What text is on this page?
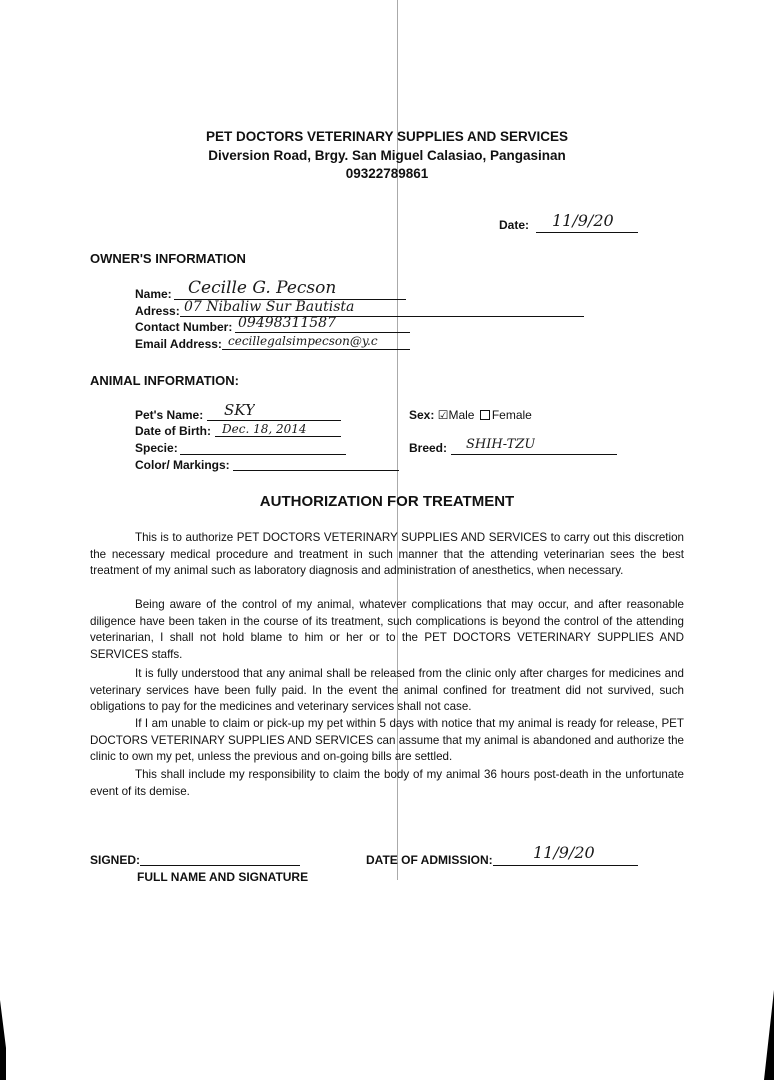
PET DOCTORS VETERINARY SUPPLIES AND SERVICES
Diversion Road, Brgy. San Miguel Calasiao, Pangasinan
09322789861
Date: 11/9/20
OWNER'S INFORMATION
Name: Cecille G. Pecson
Adress: 07 Nibaliw Sur Bautista
Contact Number: 09498311587
Email Address: cecillegalsimpecson@y.c
ANIMAL INFORMATION:
Pet's Name: SKY
Date of Birth: Dec. 18, 2014
Specie:
Color/ Markings:
Sex: ☑Male Female
Breed: SHIH-TZU
AUTHORIZATION FOR TREATMENT

This is to authorize PET DOCTORS VETERINARY SUPPLIES AND SERVICES to carry out this discretion the necessary medical procedure and treatment in such manner that the attending veterinarian sees the best treatment of my animal such as laboratory diagnosis and administration of anesthetics, when necessary.

Being aware of the control of my animal, whatever complications that may occur, and after reasonable diligence have been taken in the course of its treatment, such complications is beyond the control of the attending veterinarian, I shall not hold blame to him or her or to the PET DOCTORS VETERINARY SUPPLIES AND SERVICES staffs.

It is fully understood that any animal shall be released from the clinic only after charges for medicines and veterinary services have been fully paid. In the event the animal confined for treatment did not survived, such obligations to pay for the medicines and veterinary services shall not case.

If I am unable to claim or pick-up my pet within 5 days with notice that my animal is ready for release, PET DOCTORS VETERINARY SUPPLIES AND SERVICES can assume that my animal is abandoned and authorize the clinic to own my pet, unless the previous and on-going bills are settled.

This shall include my responsibility to claim the body of my animal 36 hours post-death in the unfortunate event of its demise.

SIGNED:
FULL NAME AND SIGNATURE
DATE OF ADMISSION:	11/9/20
